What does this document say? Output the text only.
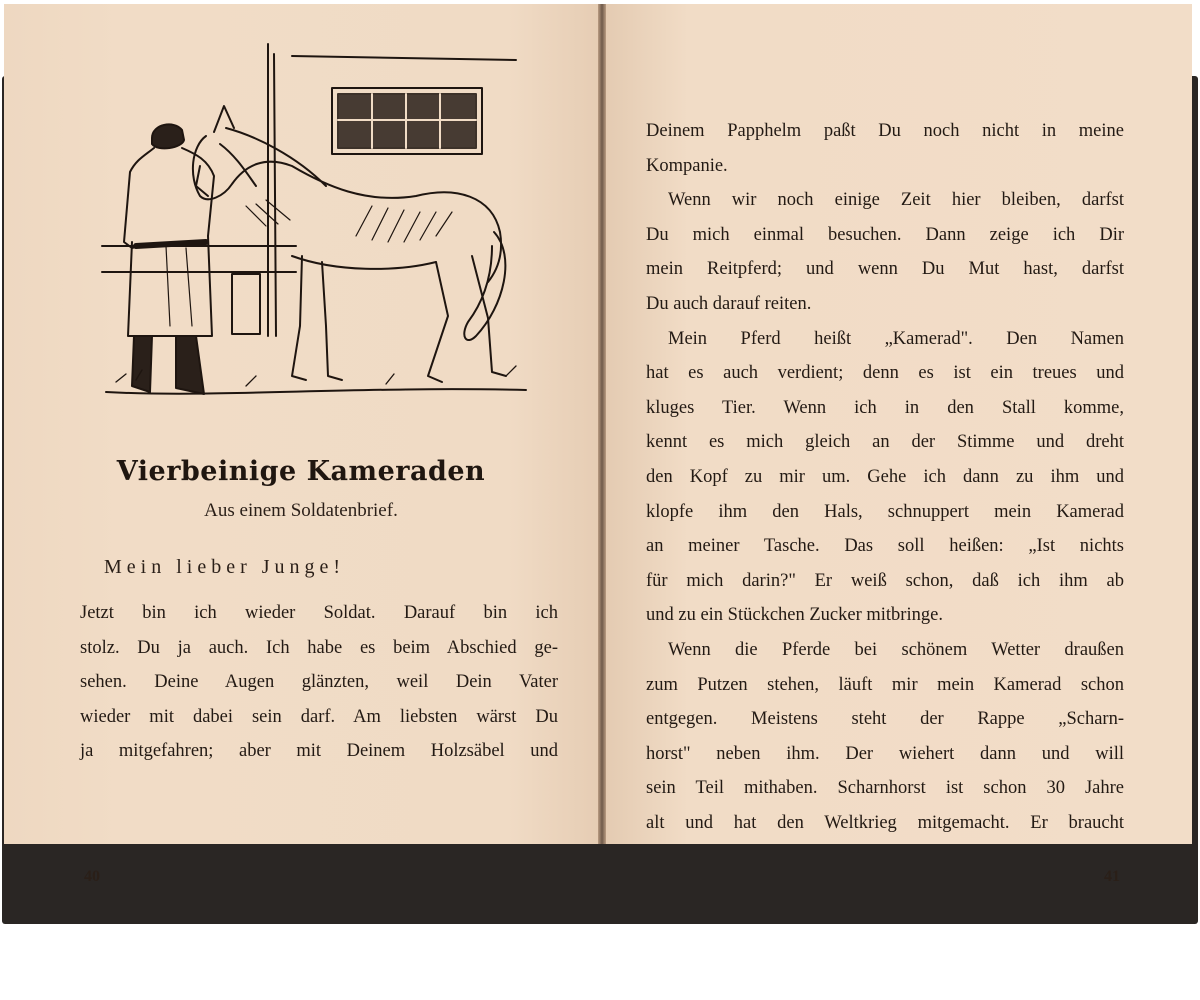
Vierbeinige Kameraden
Aus einem Soldatenbrief.
Mein lieber Junge!
Jetzt bin ich wieder Soldat. Darauf bin ich
stolz. Du ja auch. Ich habe es beim Abschied ge-
sehen. Deine Augen glänzten, weil Dein Vater
wieder mit dabei sein darf. Am liebsten wärst Du
ja mitgefahren; aber mit Deinem Holzsäbel und
Deinem Papphelm paßt Du noch nicht in meine
Kompanie.
Wenn wir noch einige Zeit hier bleiben, darfst
Du mich einmal besuchen. Dann zeige ich Dir
mein Reitpferd; und wenn Du Mut hast, darfst
Du auch darauf reiten.
Mein Pferd heißt „Kamerad". Den Namen
hat es auch verdient; denn es ist ein treues und
kluges Tier. Wenn ich in den Stall komme,
kennt es mich gleich an der Stimme und dreht
den Kopf zu mir um. Gehe ich dann zu ihm und
klopfe ihm den Hals, schnuppert mein Kamerad
an meiner Tasche. Das soll heißen: „Ist nichts
für mich darin?" Er weiß schon, daß ich ihm ab
und zu ein Stückchen Zucker mitbringe.
Wenn die Pferde bei schönem Wetter draußen
zum Putzen stehen, läuft mir mein Kamerad schon
entgegen. Meistens steht der Rappe „Scharn-
horst" neben ihm. Der wiehert dann und will
sein Teil mithaben. Scharnhorst ist schon 30 Jahre
alt und hat den Weltkrieg mitgemacht. Er braucht
40	41
